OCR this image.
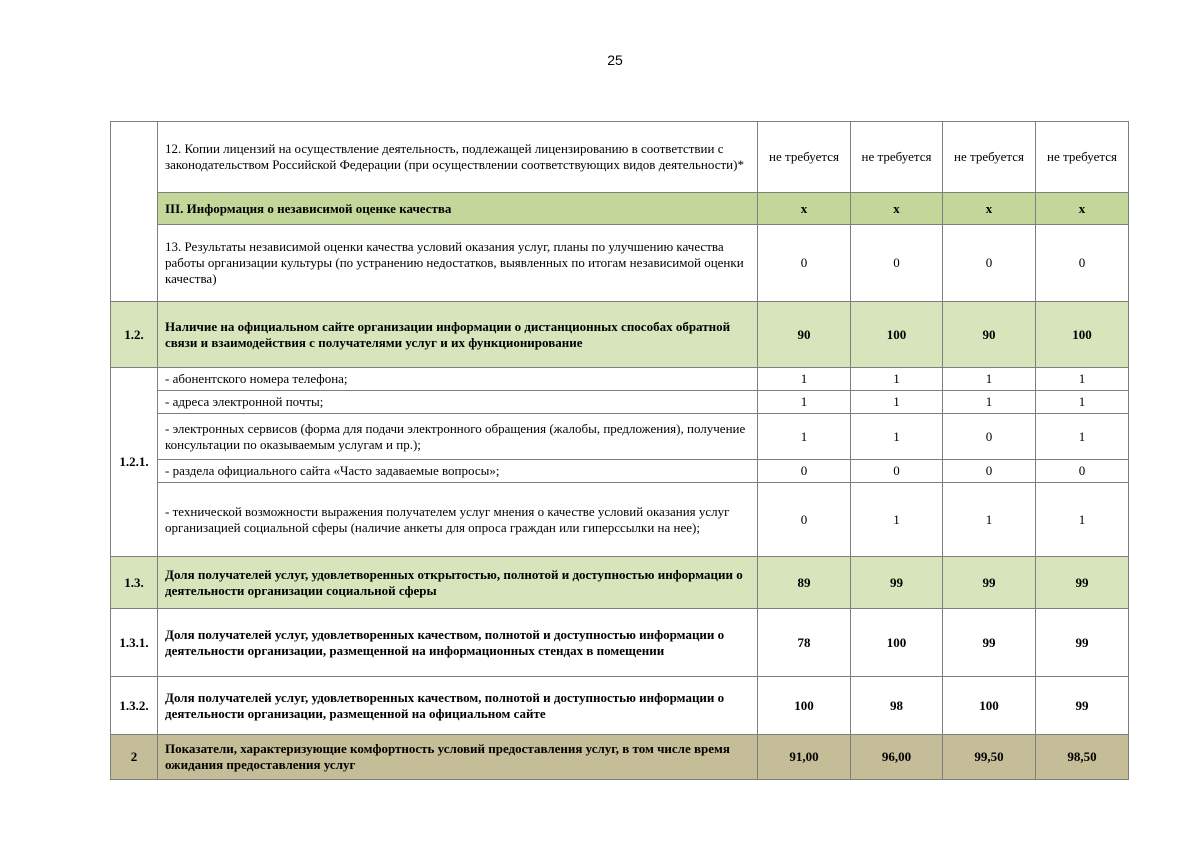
25
	12. Копии лицензий на осуществление деятельность, подлежащей лицензированию в соответствии с законодательством Российской Федерации (при осуществлении соответствующих видов деятельности)*	не требуется	не требуется	не требуется	не требуется
	III. Информация о независимой оценке качества	х	х	х	х
	13. Результаты независимой оценки качества условий оказания услуг, планы по улучшению качества работы организации культуры (по устранению недостатков, выявленных по итогам независимой оценки качества)	0	0	0	0
1.2.	Наличие на официальном сайте организации информации о дистанционных способах обратной связи и взаимодействия с получателями услуг и их функционирование	90	100	90	100
1.2.1.	- абонентского номера телефона;	1	1	1	1
	- адреса электронной почты;	1	1	1	1
	- электронных сервисов (форма для подачи электронного обращения (жалобы, предложения), получение консультации по оказываемым услугам и пр.);	1	1	0	1
	- раздела официального сайта «Часто задаваемые вопросы»;	0	0	0	0
	- технической возможности выражения получателем услуг мнения о качестве условий оказания услуг организацией социальной сферы (наличие анкеты для опроса граждан или гиперссылки на нее);	0	1	1	1
1.3.	Доля получателей услуг, удовлетворенных открытостью, полнотой и доступностью информации о деятельности организации социальной сферы	89	99	99	99
1.3.1.	Доля получателей услуг, удовлетворенных качеством, полнотой и доступностью информации о деятельности организации, размещенной на информационных стендах в помещении	78	100	99	99
1.3.2.	Доля получателей услуг, удовлетворенных качеством, полнотой и доступностью информации о деятельности организации, размещенной на официальном сайте	100	98	100	99
2	Показатели, характеризующие комфортность условий предоставления услуг, в том числе время ожидания предоставления услуг	91,00	96,00	99,50	98,50
